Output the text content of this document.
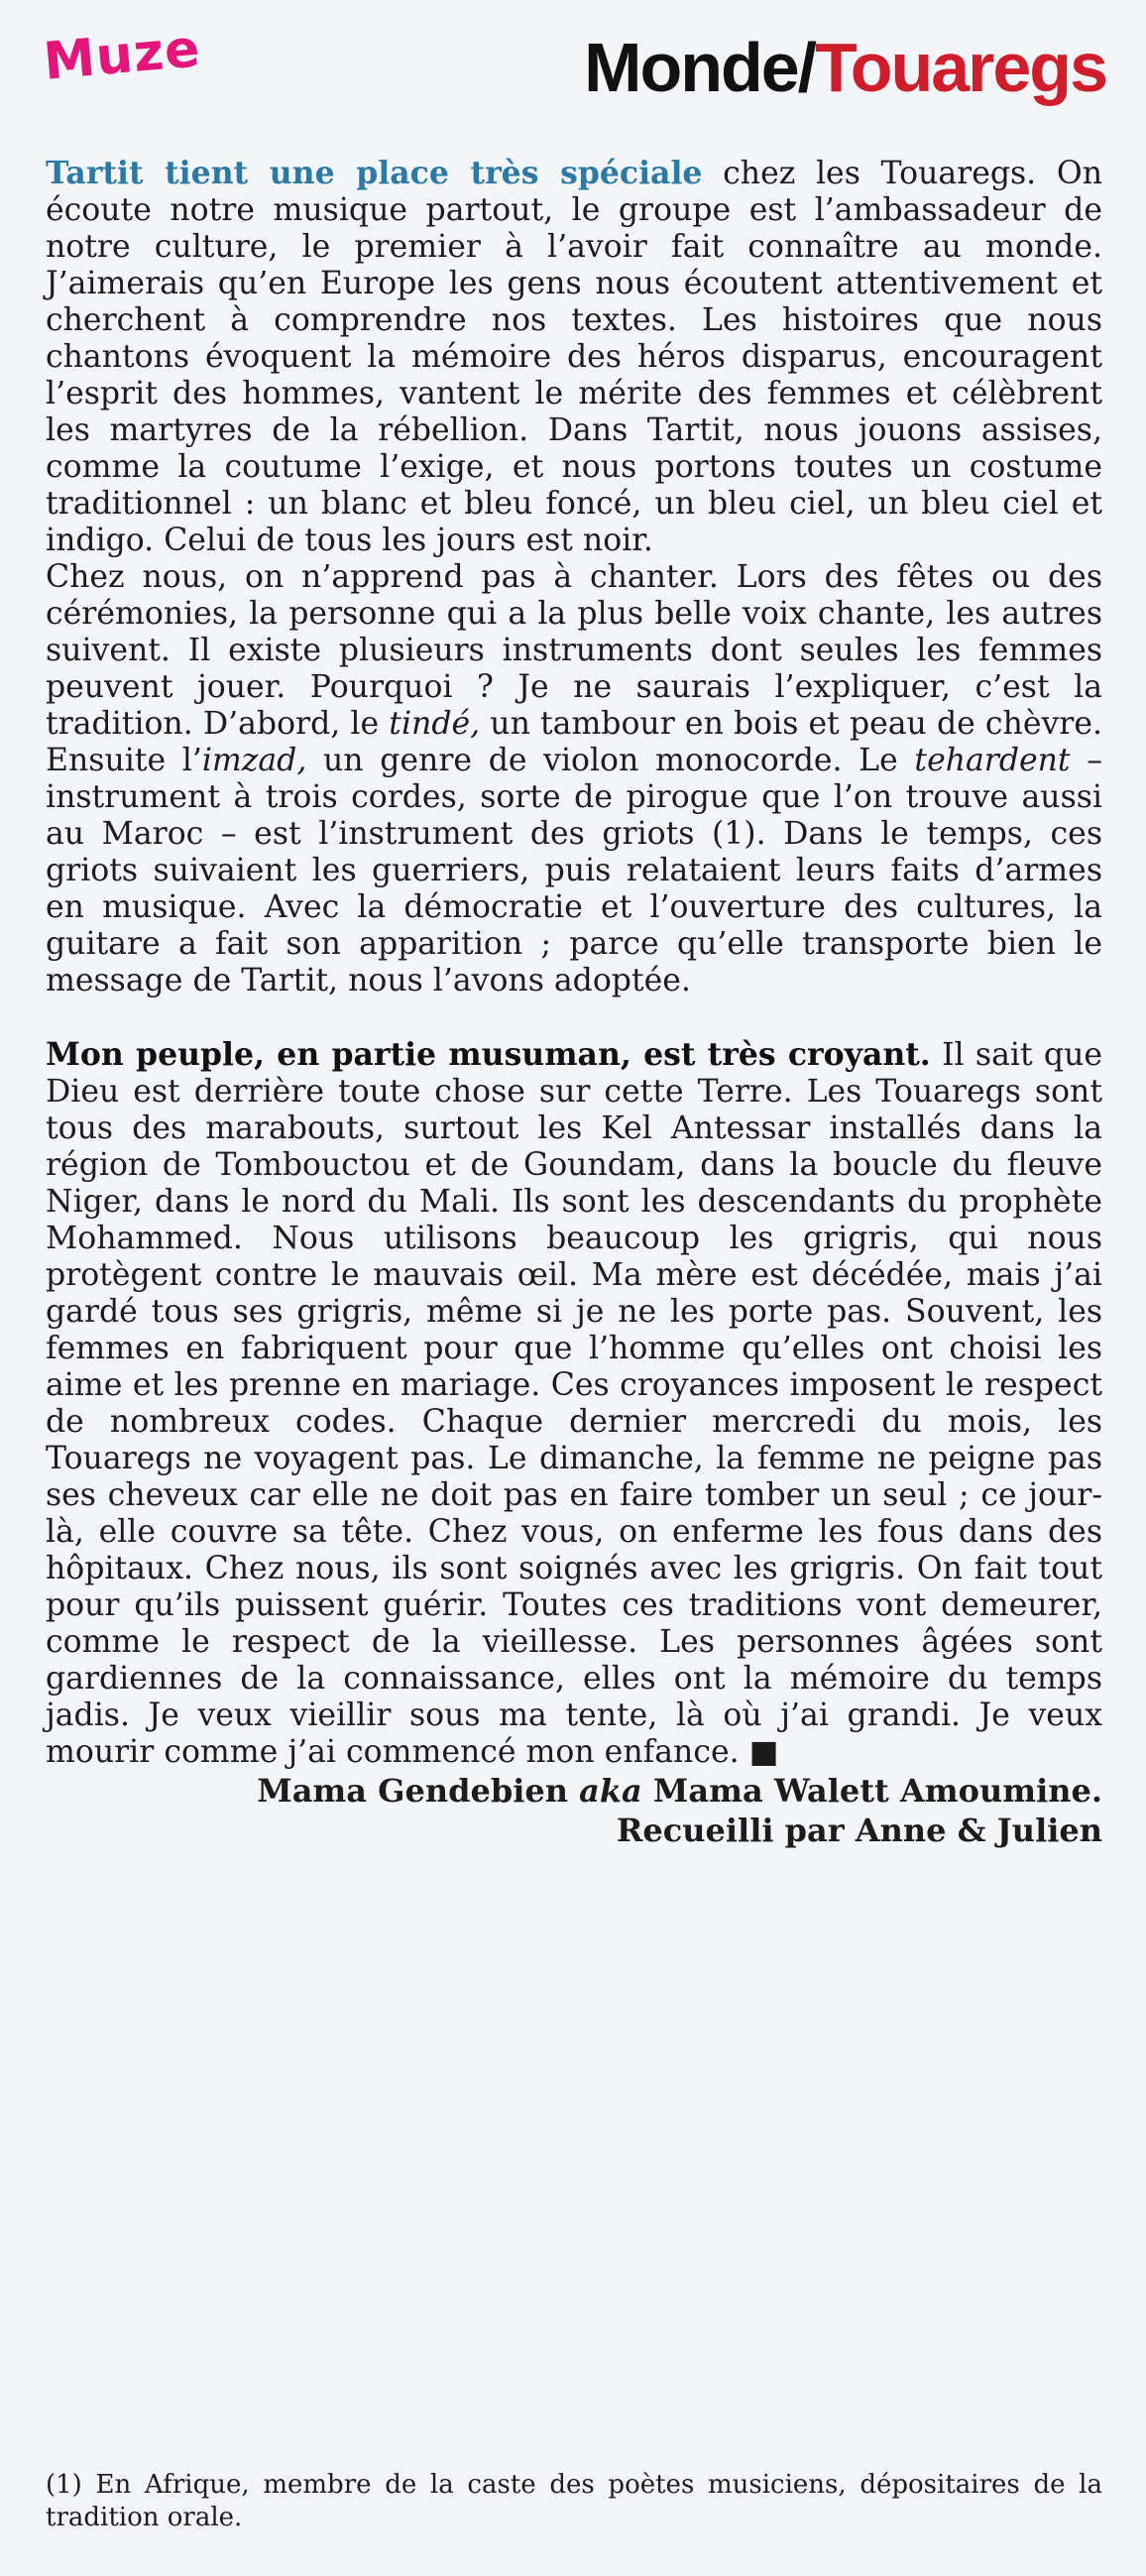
Muze	Monde/Touaregs

Tartit tient une place très spéciale chez les Touaregs. On écoute notre musique partout, le groupe est l’ambassadeur de notre culture, le premier à l’avoir fait connaître au monde. J’aimerais qu’en Europe les gens nous écoutent attentivement et cherchent à comprendre nos textes. Les histoires que nous chantons évoquent la mémoire des héros disparus, encouragent l’esprit des hommes, vantent le mérite des femmes et célèbrent les martyres de la rébellion. Dans Tartit, nous jouons assises, comme la coutume l’exige, et nous portons toutes un costume traditionnel : un blanc et bleu foncé, un bleu ciel, un bleu ciel et indigo. Celui de tous les jours est noir.

Chez nous, on n’apprend pas à chanter. Lors des fêtes ou des cérémonies, la personne qui a la plus belle voix chante, les autres suivent. Il existe plusieurs instruments dont seules les femmes peuvent jouer. Pourquoi ? Je ne saurais l’expliquer, c’est la tradition. D’abord, le tindé, un tambour en bois et peau de chèvre. Ensuite l’imzad, un genre de violon monocorde. Le tehardent – instrument à trois cordes, sorte de pirogue que l’on trouve aussi au Maroc – est l’instrument des griots (1). Dans le temps, ces griots suivaient les guerriers, puis relataient leurs faits d’armes en musique. Avec la démocratie et l’ouverture des cultures, la guitare a fait son apparition ; parce qu’elle transporte bien le message de Tartit, nous l’avons adoptée.

Mon peuple, en partie musuman, est très croyant. Il sait que Dieu est derrière toute chose sur cette Terre. Les Touaregs sont tous des marabouts, surtout les Kel Antessar installés dans la région de Tombouctou et de Goundam, dans la boucle du fleuve Niger, dans le nord du Mali. Ils sont les descendants du prophète Mohammed. Nous utilisons beaucoup les grigris, qui nous protègent contre le mauvais œil. Ma mère est décédée, mais j’ai gardé tous ses grigris, même si je ne les porte pas. Souvent, les femmes en fabriquent pour que l’homme qu’elles ont choisi les aime et les prenne en mariage. Ces croyances imposent le respect de nombreux codes. Chaque dernier mercredi du mois, les Touaregs ne voyagent pas. Le dimanche, la femme ne peigne pas ses cheveux car elle ne doit pas en faire tomber un seul ; ce jour-là, elle couvre sa tête. Chez vous, on enferme les fous dans des hôpitaux. Chez nous, ils sont soignés avec les grigris. On fait tout pour qu’ils puissent guérir. Toutes ces traditions vont demeurer, comme le respect de la vieillesse. Les personnes âgées sont gardiennes de la connaissance, elles ont la mémoire du temps jadis. Je veux vieillir sous ma tente, là où j’ai grandi. Je veux mourir comme j’ai commencé mon enfance. ■

Mama Gendebien aka Mama Walett Amoumine.
Recueilli par Anne & Julien
(1) En Afrique, membre de la caste des poètes musiciens, dépositaires de la tradition orale.
